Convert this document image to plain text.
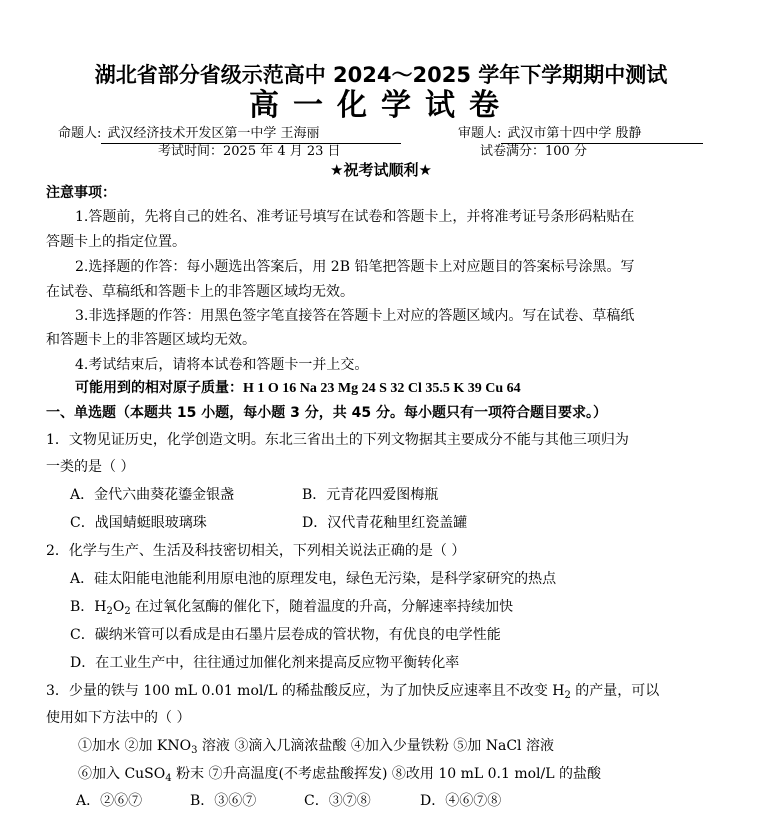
湖北省部分省级示范高中 2024～2025 学年下学期期中测试
高一化学试卷
命题人: 武汉经济技术开发区第一中学 王海丽	审题人: 武汉市第十四中学 殷静
考试时间：2025 年 4 月 23 日	试卷满分：100 分
★祝考试顺利★
注意事项：
1.答题前，先将自己的姓名、准考证号填写在试卷和答题卡上，并将准考证号条形码粘贴在
答题卡上的指定位置。
2.选择题的作答：每小题选出答案后，用 2B 铅笔把答题卡上对应题目的答案标号涂黑。写
在试卷、草稿纸和答题卡上的非答题区域均无效。
3.非选择题的作答：用黑色签字笔直接答在答题卡上对应的答题区域内。写在试卷、草稿纸
和答题卡上的非答题区域均无效。
4.考试结束后，请将本试卷和答题卡一并上交。
可能用到的相对原子质量：H 1 O 16 Na 23 Mg 24 S 32 Cl 35.5 K 39 Cu 64
一、单选题（本题共 15 小题，每小题 3 分，共 45 分。每小题只有一项符合题目要求。）
1．文物见证历史，化学创造文明。东北三省出土的下列文物据其主要成分不能与其他三项归为
一类的是（ ）
A．金代六曲葵花鎏金银盏	B．元青花四爱图梅瓶
C．战国蜻蜓眼玻璃珠	D．汉代青花釉里红瓷盖罐
2．化学与生产、生活及科技密切相关，下列相关说法正确的是（ ）
A．硅太阳能电池能利用原电池的原理发电，绿色无污染，是科学家研究的热点
B．$H_2O_2$ 在过氧化氢酶的催化下，随着温度的升高，分解速率持续加快
C．碳纳米管可以看成是由石墨片层卷成的管状物，有优良的电学性能
D．在工业生产中，往往通过加催化剂来提高反应物平衡转化率
3．少量的铁与 100 mL 0.01 mol/L 的稀盐酸反应，为了加快反应速率且不改变 $H_2$ 的产量，可以
使用如下方法中的（ ）
①加水 ②加 $KNO_3$ 溶液 ③滴入几滴浓盐酸 ④加入少量铁粉 ⑤加 NaCl 溶液
⑥加入 CuSO$_4$ 粉末 ⑦升高温度(不考虑盐酸挥发) ⑧改用 10 mL 0.1 mol/L 的盐酸
A．②⑥⑦	B．③⑥⑦	C．③⑦⑧	D．④⑥⑦⑧
